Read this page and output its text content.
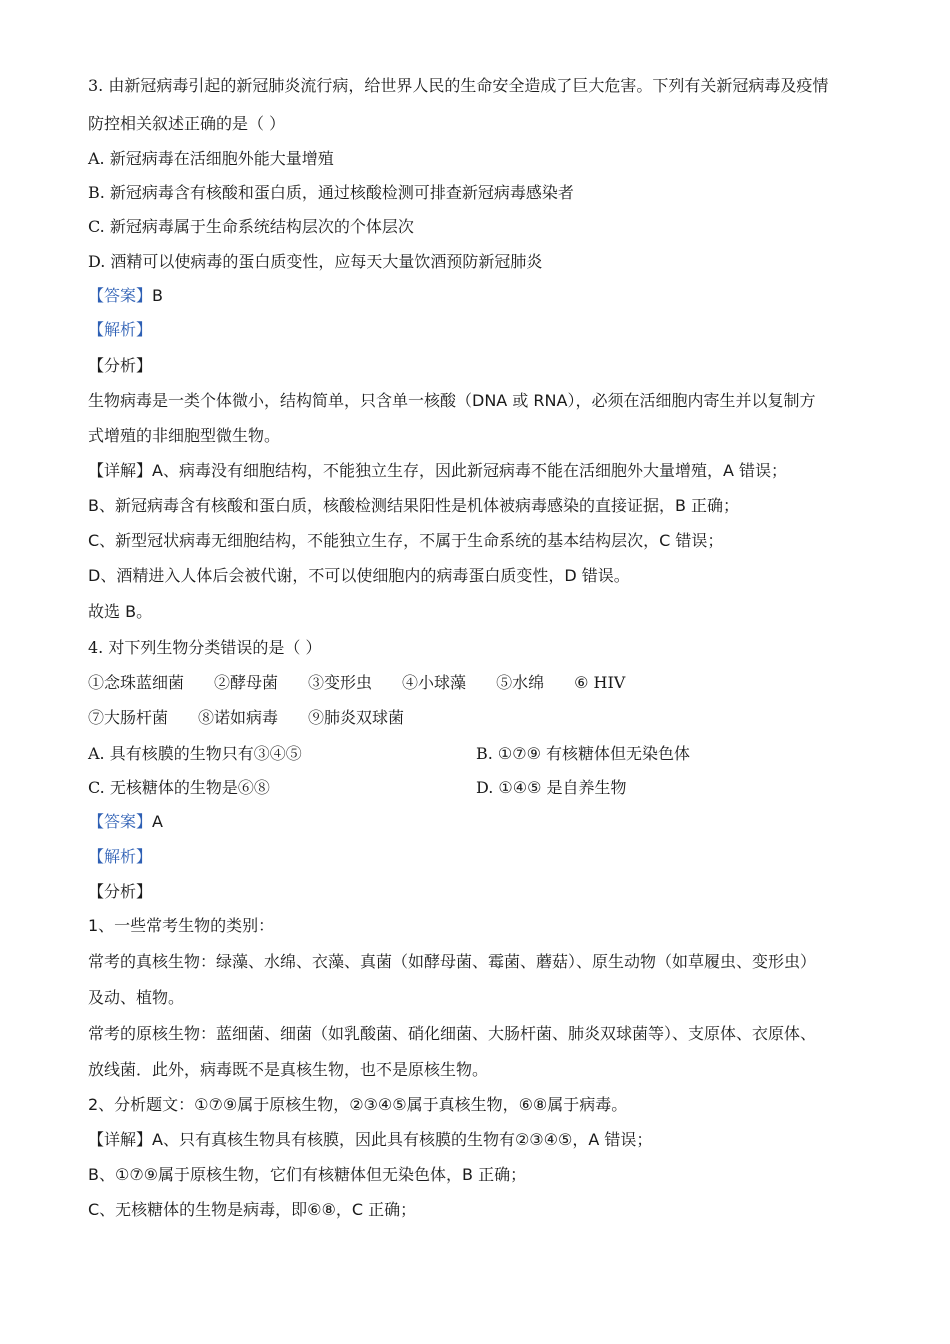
3. 由新冠病毒引起的新冠肺炎流行病，给世界人民的生命安全造成了巨大危害。下列有关新冠病毒及疫情
防控相关叙述正确的是（ ）
A. 新冠病毒在活细胞外能大量增殖
B. 新冠病毒含有核酸和蛋白质，通过核酸检测可排查新冠病毒感染者
C. 新冠病毒属于生命系统结构层次的个体层次
D. 酒精可以使病毒的蛋白质变性，应每天大量饮酒预防新冠肺炎
【答案】B
【解析】
【分析】
生物病毒是一类个体微小，结构简单，只含单一核酸（DNA 或 RNA），必须在活细胞内寄生并以复制方
式增殖的非细胞型微生物。
【详解】A、病毒没有细胞结构，不能独立生存，因此新冠病毒不能在活细胞外大量增殖，A 错误；
B、新冠病毒含有核酸和蛋白质，核酸检测结果阳性是机体被病毒感染的直接证据，B 正确；
C、新型冠状病毒无细胞结构，不能独立生存，不属于生命系统的基本结构层次，C 错误；
D、酒精进入人体后会被代谢，不可以使细胞内的病毒蛋白质变性，D 错误。
故选 B。
4. 对下列生物分类错误的是（ ）
①念珠蓝细菌 ②酵母菌 ③变形虫 ④小球藻 ⑤水绵 ⑥ HIV
⑦大肠杆菌 ⑧诺如病毒 ⑨肺炎双球菌
A. 具有核膜的生物只有③④⑤	B. ①⑦⑨ 有核糖体但无染色体
C. 无核糖体的生物是⑥⑧	D. ①④⑤ 是自养生物
【答案】A
【解析】
【分析】
1、一些常考生物的类别：
常考的真核生物：绿藻、水绵、衣藻、真菌（如酵母菌、霉菌、蘑菇）、原生动物（如草履虫、变形虫）
及动、植物。
常考的原核生物：蓝细菌、细菌（如乳酸菌、硝化细菌、大肠杆菌、肺炎双球菌等）、支原体、衣原体、
放线菌．此外，病毒既不是真核生物，也不是原核生物。
2、分析题文：①⑦⑨属于原核生物，②③④⑤属于真核生物，⑥⑧属于病毒。
【详解】A、只有真核生物具有核膜，因此具有核膜的生物有②③④⑤，A 错误；
B、①⑦⑨属于原核生物，它们有核糖体但无染色体，B 正确；
C、无核糖体的生物是病毒，即⑥⑧，C 正确；
